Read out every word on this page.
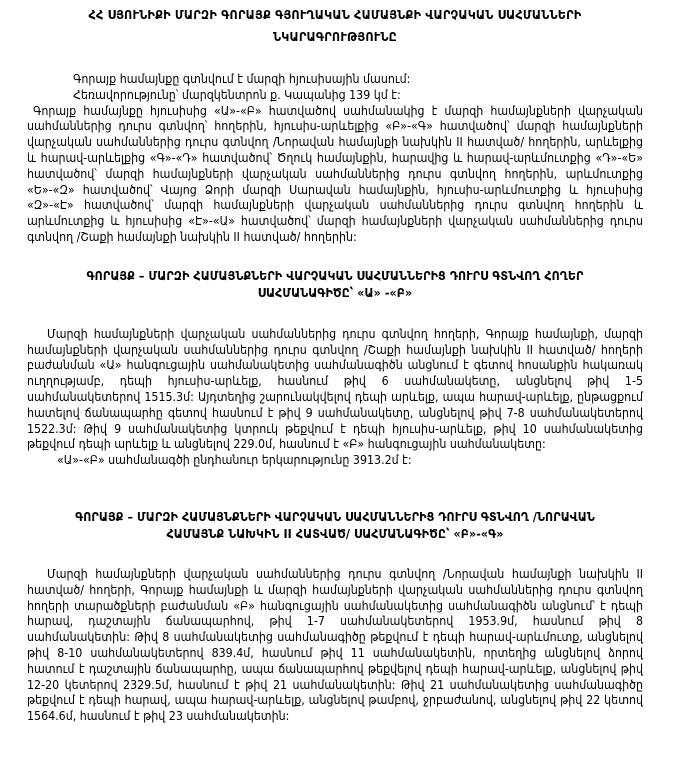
ՀՀ ՍՅՈՒՆԻՔԻ ՄԱՐԶԻ ԳՈՐԱՅՔ ԳՅՈՒՂԱԿԱՆ ՀԱՄԱՅՆՔԻ ՎԱՐՉԱԿԱՆ ՍԱՀՄԱՆՆԵՐԻ
ՆԿԱՐԱԳՐՈՒԹՅՈՒՆԸ
Գորայք համայնքը գտնվում է մարզի հյուսիսային մասում:
Հեռավորությունը՝ մարզկենտրոն ք. Կապանից 139 կմ է:

Գորայք համայնքը հյուսիսից «Ա»-«Բ» հատվածով սահմանակից է մարզի համայնքների վարչական սահմաններից դուրս գտնվող՝ հողերին, հյուսիս-արևելքից «Բ»-«Գ» հատվածով՝ մարզի համայնքների վարչական սահմաններից դուրս գտնվող /Նորավան համայնքի նախկին II հատված/ հողերին, արևելքից և հարավ-արևելքից «Գ»-«Դ» հատվածով՝ Ծղուկ համայնքին, հարավից և հարավ-արևմուտքից «Դ»-«Ե» հատվածով՝ մարզի համայնքների վարչական սահմաններից դուրս գտնվող հողերին, արևմուտքից «Ե»-«Զ» հատվածով՝ Վայոց Ձորի մարզի Սարավան համայնքին, հյուսիս-արևմուտքից և հյուսիսից «Զ»-«Է» հատվածով՝ մարզի համայնքների վարչական սահմաններից դուրս գտնվող հողերին և արևմուտքից և հյուսիսից «Է»-«Ա» հատվածով՝ մարզի համայնքների վարչական սահմաններից դուրս գտնվող /Շաքի համայնքի նախկին II հատված/ հողերին:

ԳՈՐԱՅՔ – ՄԱՐԶԻ ՀԱՄԱՅՆՔՆԵՐԻ ՎԱՐՉԱԿԱՆ ՍԱՀՄԱՆՆԵՐԻՑ ԴՈՒՐՍ ԳՏՆՎՈՂ ՀՈՂԵՐ
ՍԱՀՄԱՆԱԳԻԾԸ՝ «Ա» -«Բ»

Մարզի համայնքների վարչական սահմաններից դուրս գտնվող հողերի, Գորայք համայնքի, մարզի համայնքների վարչական սահմաններից դուրս գտնվող /Շաքի համայնքի նախկին II հատված/ հողերի բաժանման «Ա» հանգուցային սահմանակետից սահմանագիծն անցնում է գետով հոսանքին հակառակ ուղղությամբ, դեպի հյուսիս-արևելք, հասնում թիվ 6 սահմանակետը, անցնելով թիվ 1-5 սահմանակետերով 1515.3մ: Այդտեղից շարունակվելով դեպի արևելք, ապա հարավ-արևելք, ընթացքում հատելով ճանապարհը գետով հասնում է թիվ 9 սահմանակետը, անցնելով թիվ 7-8 սահմանակետերով 1522.3մ: Թիվ 9 սահմանակետից կտրուկ թեքվում է դեպի հյուսիս-արևելք, թիվ 10 սահմանակետից թեքվում դեպի արևելք և անցնելով 229.0մ, հասնում է «Բ» հանգուցային սահմանակետը:

«Ա»-«Բ» սահմանագծի ընդհանուր երկարությունը 3913.2մ է:
ԳՈՐԱՅՔ – ՄԱՐԶԻ ՀԱՄԱՅՆՔՆԵՐԻ ՎԱՐՉԱԿԱՆ ՍԱՀՄԱՆՆԵՐԻՑ ԴՈՒՐՍ ԳՏՆՎՈՂ /ՆՈՐԱՎԱՆ
ՀԱՄԱՅՆՔ ՆԱԽԿԻՆ II ՀԱՏՎԱԾ/ ՍԱՀՄԱՆԱԳԻԾԸ՝ «Բ»-«Գ»

Մարզի համայնքների վարչական սահմաններից դուրս գտնվող /Նորավան համայնքի նախկին II հատված/ հողերի, Գորայք համայնքի և մարզի համայնքների վարչական սահմաններից դուրս գտնվող հողերի տարածքների բաժանման «Բ» հանգուցային սահմանակետից սահմանագիծն անցնում՝ է դեպի հարավ, դաշտային ճանապարհով, թիվ 1-7 սահմանակետերով 1953.9մ, հասնում թիվ 8 սահմանակետին: Թիվ 8 սահմանակետից սահմանագիծը թեքվում է դեպի հարավ-արևմուտք, անցնելով թիվ 8-10 սահմանակետերով 839.4մ, հասնում թիվ 11 սահմանակետին, որտեղից անցնելով ձորով հատում է դաշտային ճանապարհը, ապա ճանապարհով թեքվելով դեպի հարավ-արևելք, անցնելով թիվ 12-20 կետերով 2329.5մ, հասնում է թիվ 21 սահմանակետին: Թիվ 21 սահմանակետից սահմանագիծը թեքվում է դեպի հարավ, ապա հարավ-արևելք, անցնելով թամբով, ջրբաժանով, անցնելով թիվ 22 կետով 1564.6մ, հասնում է թիվ 23 սահմանակետին:
